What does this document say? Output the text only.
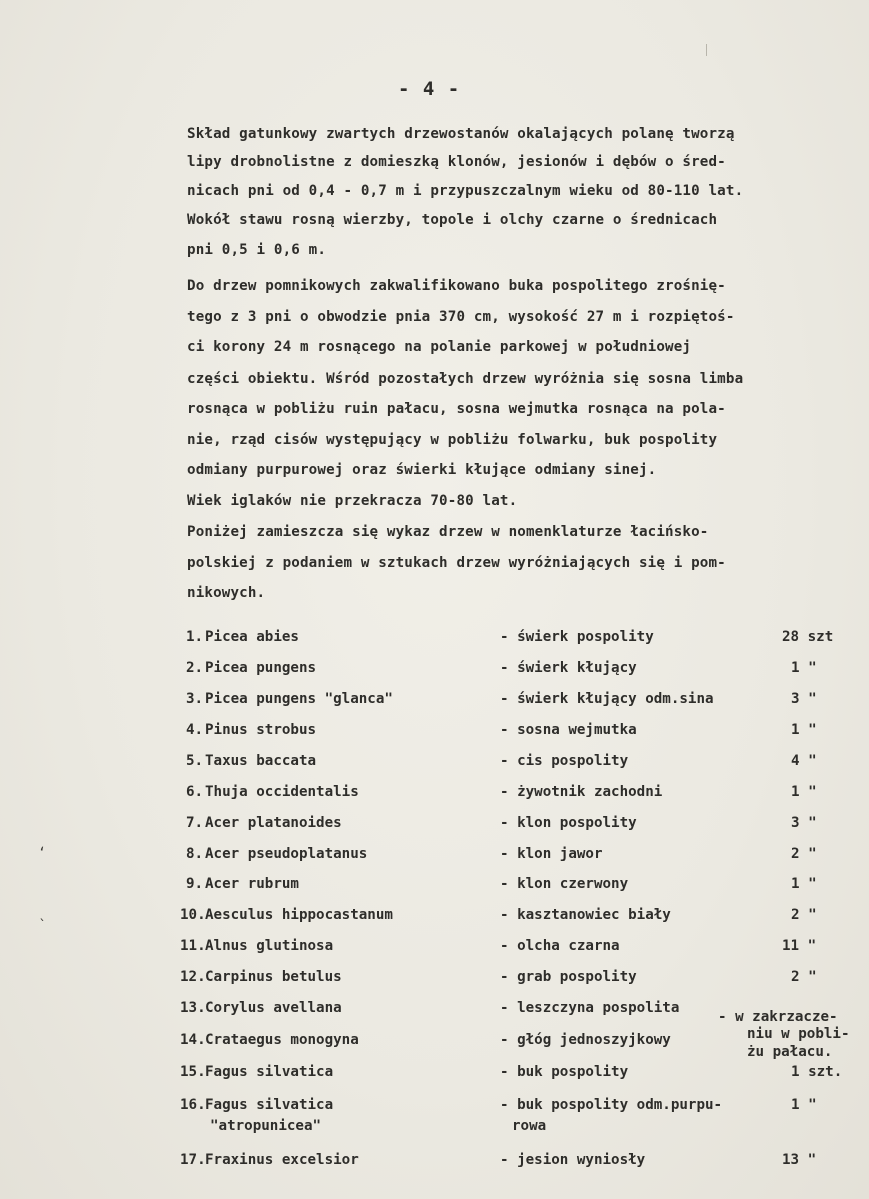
ʻ
ˎ
- 4 -
Skład gatunkowy zwartych drzewostanów okalających polanę tworzą
lipy drobnolistne z domieszką klonów, jesionów i dębów o śred-
nicach pni od 0,4 - 0,7 m i przypuszczalnym wieku od 80-110 lat.
Wokół stawu rosną wierzby, topole i olchy czarne o średnicach
pni 0,5 i 0,6 m.
Do drzew pomnikowych zakwalifikowano buka pospolitego zrośnię-
tego z 3 pni o obwodzie pnia 370 cm, wysokość 27 m i rozpiętoś-
ci korony 24 m rosnącego na polanie parkowej w południowej
części obiektu. Wśród pozostałych drzew wyróżnia się sosna limba
rosnąca w pobliżu ruin pałacu, sosna wejmutka rosnąca na pola-
nie, rząd cisów występujący w pobliżu folwarku, buk pospolity
odmiany purpurowej oraz świerki kłujące odmiany sinej.
Wiek iglaków nie przekracza 70-80 lat.
Poniżej zamieszcza się wykaz drzew w nomenklaturze łacińsko-
polskiej z podaniem w sztukach drzew wyróżniających się i pom-
nikowych.
1. Picea abies	- świerk pospolity	28 szt
2. Picea pungens	- świerk kłujący	1 "
3. Picea pungens "glanca"	- świerk kłujący odm.sina	3 "
4. Pinus strobus	- sosna wejmutka	1 "
5. Taxus baccata	- cis pospolity	4 "
6. Thuja occidentalis	- żywotnik zachodni	1 "
7. Acer platanoides	- klon pospolity	3 "
8. Acer pseudoplatanus	- klon jawor	2 "
9. Acer rubrum	- klon czerwony	1 "
10. Aesculus hippocastanum	- kasztanowiec biały	2 "
11. Alnus glutinosa	- olcha czarna	11 "
12. Carpinus betulus	- grab pospolity	2 "
13. Corylus avellana	- leszczyna pospolita
14. Crataegus monogyna	- głóg jednoszyjkowy
15. Fagus silvatica	- buk pospolity	1 szt.
16. Fagus silvatica	- buk pospolity odm.purpu-	1 "
"atropunicea"	rowa
17. Fraxinus excelsior	- jesion wyniosły	13 "
- w zakrzacze-
niu w pobli-
żu pałacu.
